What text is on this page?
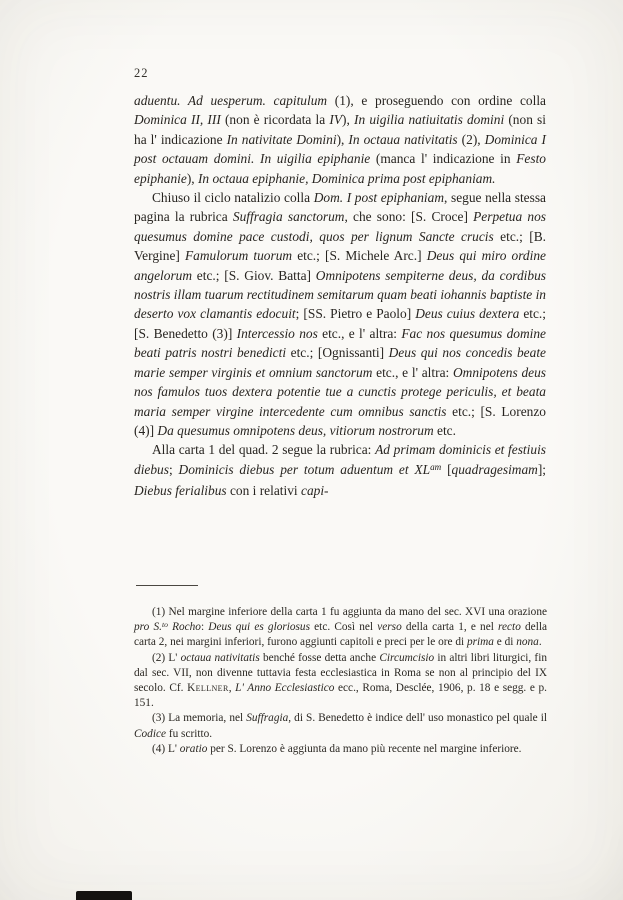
22

aduentu. Ad uesperum. capitulum (1), e proseguendo con ordine colla Dominica II, III (non è ricordata la IV), In uigilia natiuitatis domini (non si ha l' indicazione In nativitate Domini), In octaua nativitatis (2), Dominica I post octauam domini. In uigilia epiphanie (manca l' indicazione in Festo epiphanie), In octaua epiphanie, Dominica prima post epiphaniam.

Chiuso il ciclo natalizio colla Dom. I post epiphaniam, segue nella stessa pagina la rubrica Suffragia sanctorum, che sono: [S. Croce] Perpetua nos quesumus domine pace custodi, quos per lignum Sancte crucis etc.; [B. Vergine] Famulorum tuorum etc.; [S. Michele Arc.] Deus qui miro ordine angelorum etc.; [S. Giov. Batta] Omnipotens sempiterne deus, da cordibus nostris illam tuarum rectitudinem semitarum quam beati iohannis baptiste in deserto vox clamantis edocuit; [SS. Pietro e Paolo] Deus cuius dextera etc.; [S. Benedetto (3)] Intercessio nos etc., e l' altra: Fac nos quesumus domine beati patris nostri benedicti etc.; [Ognissanti] Deus qui nos concedis beate marie semper virginis et omnium sanctorum etc., e l' altra: Omnipotens deus nos famulos tuos dextera potentie tue a cunctis protege periculis, et beata maria semper virgine intercedente cum omnibus sanctis etc.; [S. Lorenzo (4)] Da quesumus omnipotens deus, vitiorum nostrorum etc.

Alla carta 1 del quad. 2 segue la rubrica: Ad primam dominicis et festiuis diebus; Dominicis diebus per totum aduentum et $XL^{am}$ [quadragesimam]; Diebus ferialibus con i relativi capi-

(1) Nel margine inferiore della carta 1 fu aggiunta da mano del sec. XVI una orazione pro S.$^{to}$ Rocho: Deus qui es gloriosus etc. Così nel verso della carta 1, e nel recto della carta 2, nei margini inferiori, furono aggiunti capitoli e preci per le ore di prima e di nona.

(2) L' octaua nativitatis benché fosse detta anche Circumcisio in altri libri liturgici, fin dal sec. VII, non divenne tuttavia festa ecclesiastica in Roma se non al principio del IX secolo. Cf. Kellner, L' Anno Ecclesiastico ecc., Roma, Desclée, 1906, p. 18 e segg. e p. 151.

(3) La memoria, nel Suffragia, di S. Benedetto è indice dell' uso monastico pel quale il Codice fu scritto.

(4) L' oratio per S. Lorenzo è aggiunta da mano più recente nel margine inferiore.
